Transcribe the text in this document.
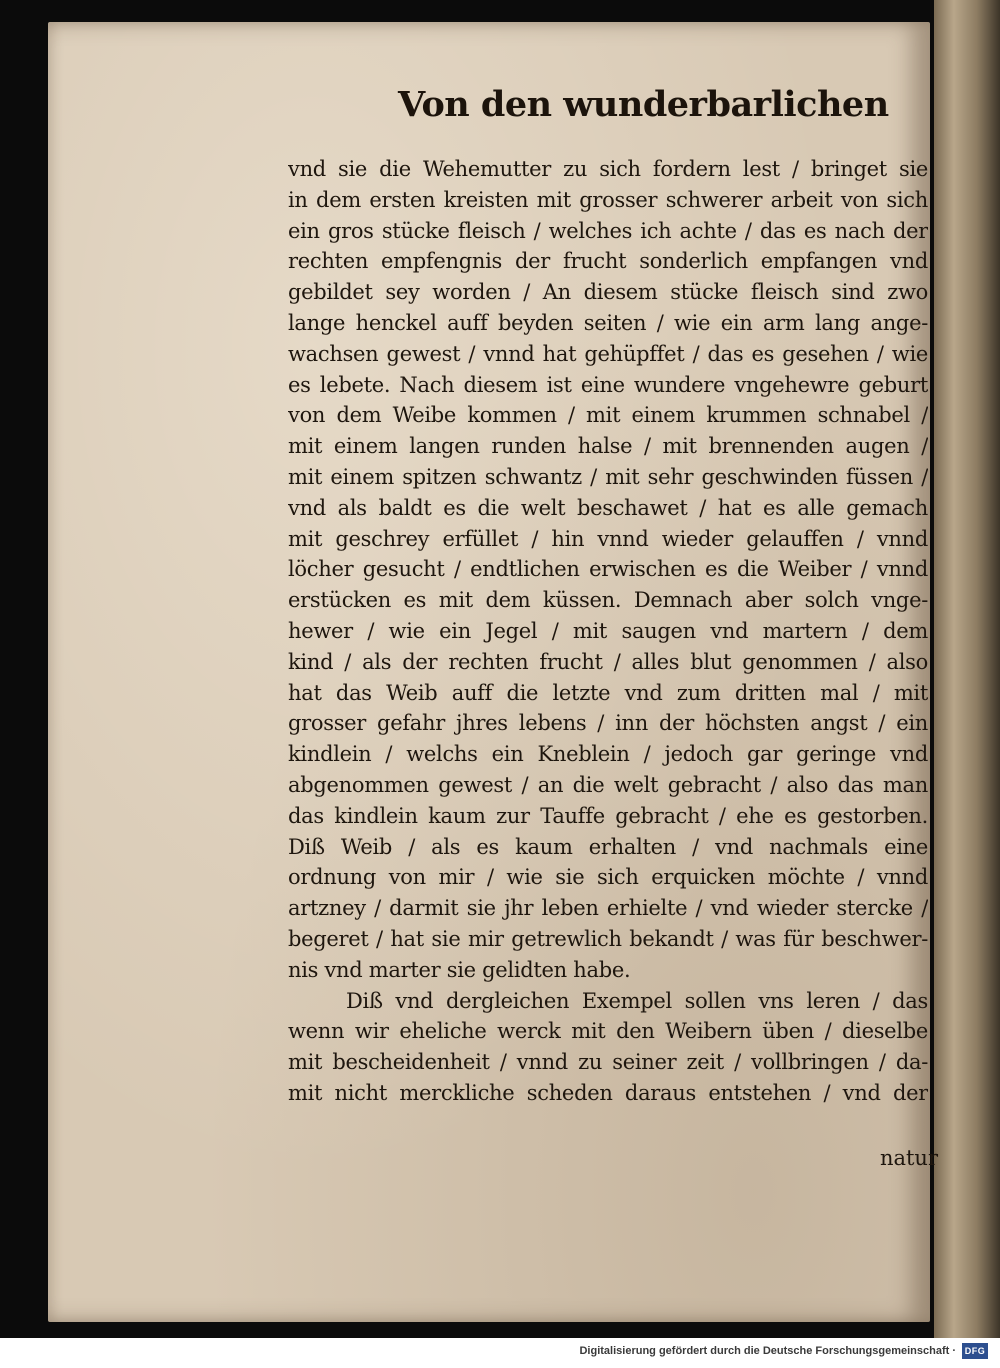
Von den wunderbarlichen
vnd sie die Wehemutter zu sich fordern lest / bringet sie
in dem ersten kreisten mit grosser schwerer arbeit von sich
ein gros stücke fleisch / welches ich achte / das es nach der
rechten empfengnis der frucht sonderlich empfangen vnd
gebildet sey worden / An diesem stücke fleisch sind zwo
lange henckel auff beyden seiten / wie ein arm lang ange-
wachsen gewest / vnnd hat gehüpffet / das es gesehen / wie
es lebete. Nach diesem ist eine wundere vngehewre geburt
von dem Weibe kommen / mit einem krummen schnabel /
mit einem langen runden halse / mit brennenden augen /
mit einem spitzen schwantz / mit sehr geschwinden füssen /
vnd als baldt es die welt beschawet / hat es alle gemach
mit geschrey erfüllet / hin vnnd wieder gelauffen / vnnd
löcher gesucht / endtlichen erwischen es die Weiber / vnnd
erstücken es mit dem küssen. Demnach aber solch vnge-
hewer / wie ein Jegel / mit saugen vnd martern / dem
kind / als der rechten frucht / alles blut genommen / also
hat das Weib auff die letzte vnd zum dritten mal / mit
grosser gefahr jhres lebens / inn der höchsten angst / ein
kindlein / welchs ein Kneblein / jedoch gar geringe vnd
abgenommen gewest / an die welt gebracht / also das man
das kindlein kaum zur Tauffe gebracht / ehe es gestorben.
Diß Weib / als es kaum erhalten / vnd nachmals eine
ordnung von mir / wie sie sich erquicken möchte / vnnd
artzney / darmit sie jhr leben erhielte / vnd wieder stercke /
begeret / hat sie mir getrewlich bekandt / was für beschwer-
nis vnd marter sie gelidten habe.
Diß vnd dergleichen Exempel sollen vns leren / das
wenn wir eheliche werck mit den Weibern üben / dieselbe
mit bescheidenheit / vnnd zu seiner zeit / vollbringen / da-
mit nicht merckliche scheden daraus entstehen / vnd der
natur
Digitalisierung gefördert durch die Deutsche Forschungsgemeinschaft · DFG
